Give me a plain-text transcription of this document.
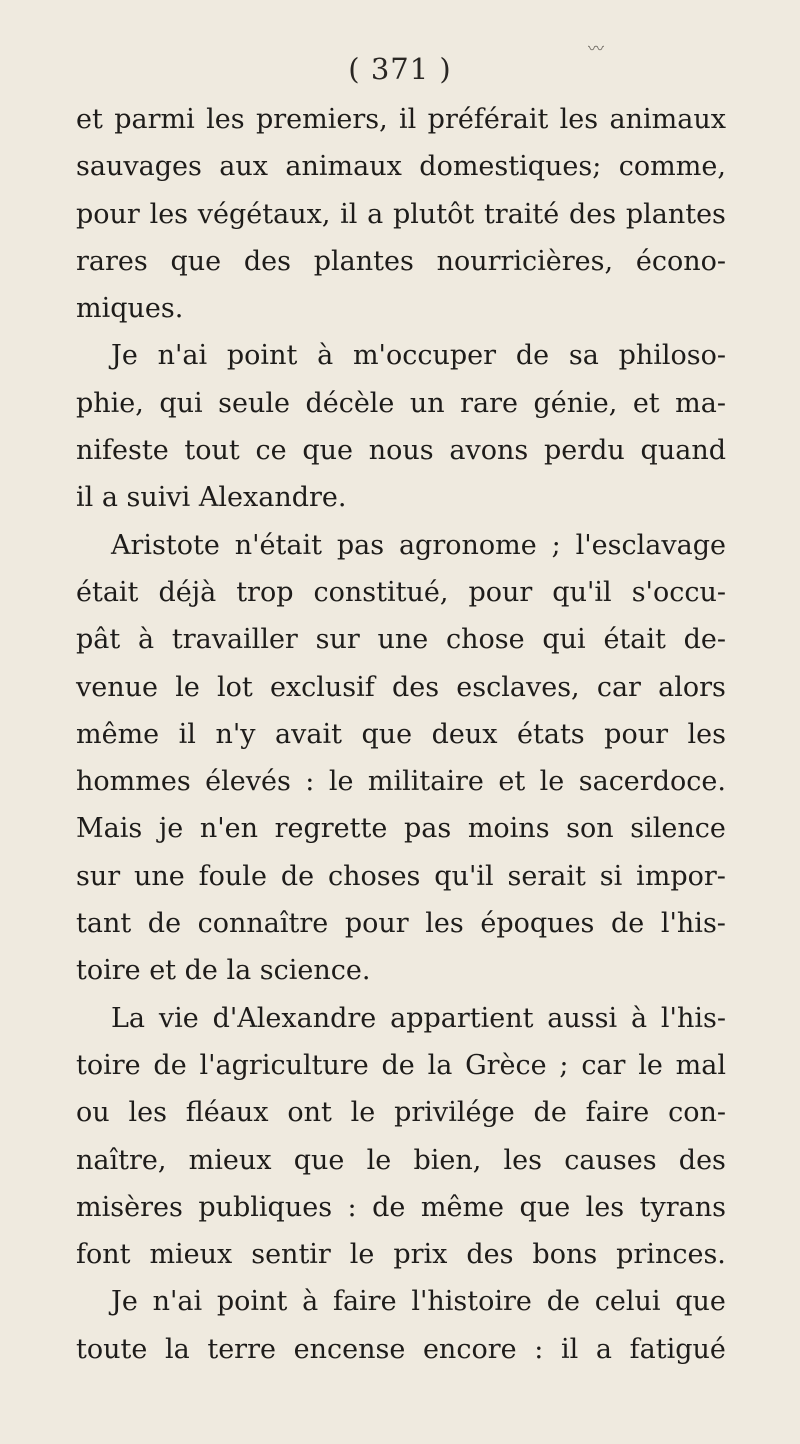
〰
( 371 )
et parmi les premiers, il préférait les animaux
sauvages aux animaux domestiques; comme,
pour les végétaux, il a plutôt traité des plantes
rares que des plantes nourricières, écono-
miques.
Je n'ai point à m'occuper de sa philoso-
phie, qui seule décèle un rare génie, et ma-
nifeste tout ce que nous avons perdu quand
il a suivi Alexandre.
Aristote n'était pas agronome ; l'esclavage
était déjà trop constitué, pour qu'il s'occu-
pât à travailler sur une chose qui était de-
venue le lot exclusif des esclaves, car alors
même il n'y avait que deux états pour les
hommes élevés : le militaire et le sacerdoce.
Mais je n'en regrette pas moins son silence
sur une foule de choses qu'il serait si impor-
tant de connaître pour les époques de l'his-
toire et de la science.
La vie d'Alexandre appartient aussi à l'his-
toire de l'agriculture de la Grèce ; car le mal
ou les fléaux ont le privilége de faire con-
naître, mieux que le bien, les causes des
misères publiques : de même que les tyrans
font mieux sentir le prix des bons princes.
Je n'ai point à faire l'histoire de celui que
toute la terre encense encore : il a fatigué
